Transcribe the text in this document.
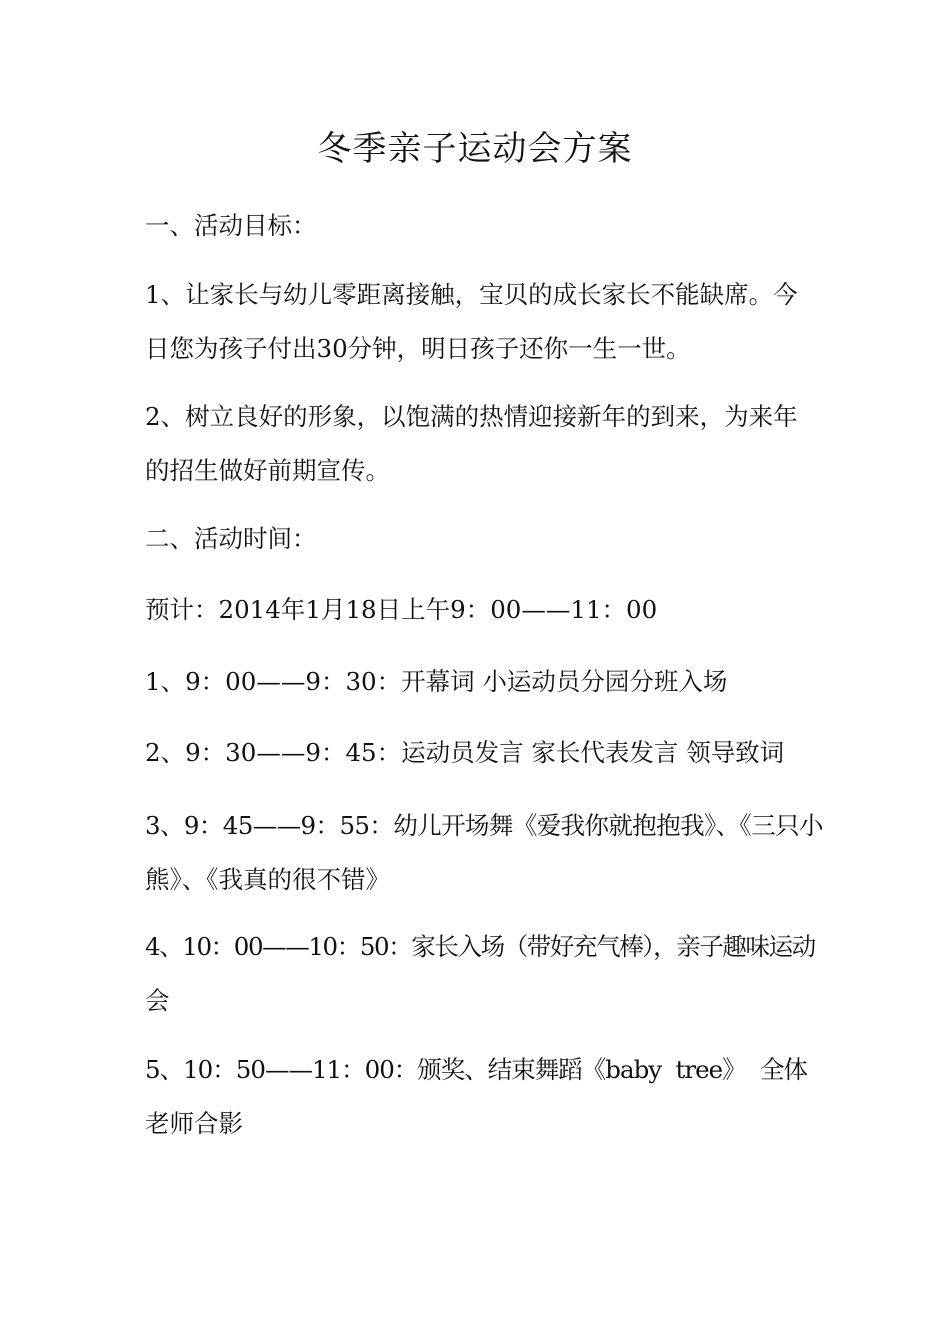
冬季亲子运动会方案

一、活动目标：

1、让家长与幼儿零距离接触，宝贝的成长家长不能缺席。今
日您为孩子付出30分钟，明日孩子还你一生一世。

2、树立良好的形象，以饱满的热情迎接新年的到来，为来年
的招生做好前期宣传。

二、活动时间：

预计：2014年1月18日上午9：00——11：00

1、9：00——9：30：开幕词 小运动员分园分班入场

2、9：30——9：45：运动员发言 家长代表发言 领导致词

3、9：45——9：55：幼儿开场舞《爱我你就抱抱我》、《三只小
熊》、《我真的很不错》

4、10：00——10：50：家长入场（带好充气棒），亲子趣味运动
会

5、10：50——11：00：颁奖、结束舞蹈《baby tree》 全体
老师合影
